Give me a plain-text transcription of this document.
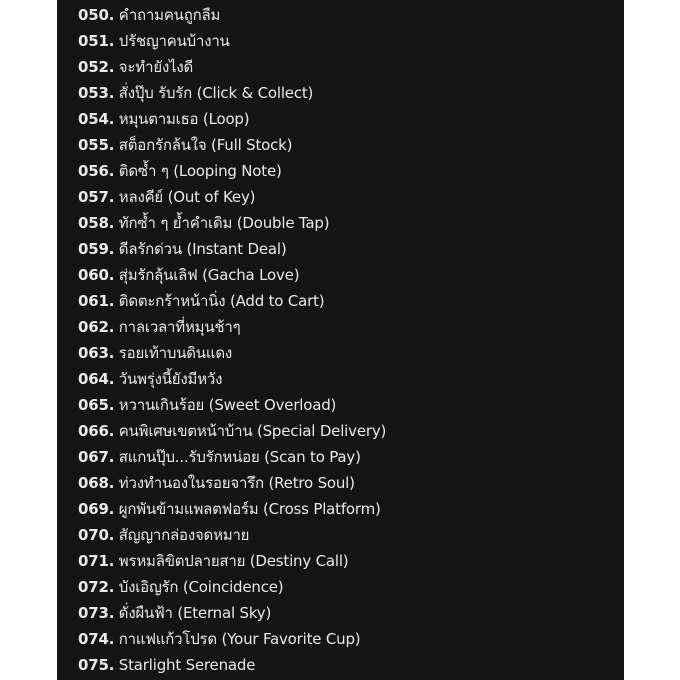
050. คำถามคนถูกลืม
051. ปรัชญาคนบ้างาน
052. จะทำยังไงดี
053. สั่งปุ๊บ รับรัก (Click & Collect)
054. หมุนตามเธอ (Loop)
055. สต็อกรักล้นใจ (Full Stock)
056. ติดซ้ำ ๆ (Looping Note)
057. หลงคีย์ (Out of Key)
058. ทักซ้ำ ๆ ย้ำคำเดิม (Double Tap)
059. ดีลรักด่วน (Instant Deal)
060. สุ่มรักลุ้นเลิฟ (Gacha Love)
061. ติดตะกร้าหน้านิ่ง (Add to Cart)
062. กาลเวลาที่หมุนช้าๆ
063. รอยเท้าบนดินแดง
064. วันพรุ่งนี้ยังมีหวัง
065. หวานเกินร้อย (Sweet Overload)
066. คนพิเศษเขตหน้าบ้าน (Special Delivery)
067. สแกนปุ๊บ...รับรักหน่อย (Scan to Pay)
068. ท่วงทำนองในรอยจารึก (Retro Soul)
069. ผูกพันข้ามแพลตฟอร์ม (Cross Platform)
070. สัญญากล่องจดหมาย
071. พรหมลิขิตปลายสาย (Destiny Call)
072. บังเอิญรัก (Coincidence)
073. ดั่งผืนฟ้า (Eternal Sky)
074. กาแฟแก้วโปรด (Your Favorite Cup)
075. Starlight Serenade
